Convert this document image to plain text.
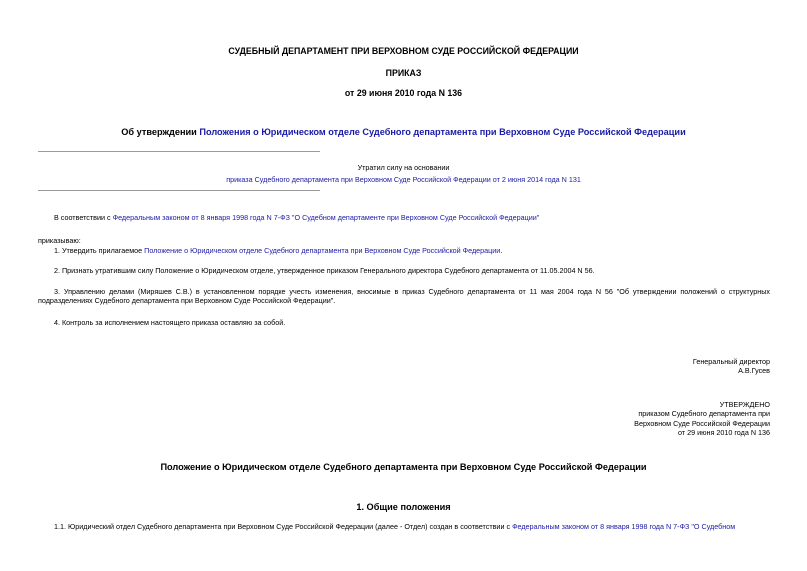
СУДЕБНЫЙ ДЕПАРТАМЕНТ ПРИ ВЕРХОВНОМ СУДЕ РОССИЙСКОЙ ФЕДЕРАЦИИ
ПРИКАЗ
от 29 июня 2010 года N 136
Об утверждении Положения о Юридическом отделе Судебного департамента при Верховном Суде Российской Федерации
Утратил силу на основании
приказа Судебного департамента при Верховном Суде Российской Федерации от 2 июня 2014 года N 131
В соответствии с Федеральным законом от 8 января 1998 года N 7-ФЗ "О Судебном департаменте при Верховном Суде Российской Федерации"
приказываю:
1. Утвердить прилагаемое Положение о Юридическом отделе Судебного департамента при Верховном Суде Российской Федерации.
2. Признать утратившим силу Положение о Юридическом отделе, утвержденное приказом Генерального директора Судебного департамента от 11.05.2004 N 56.
3. Управлению делами (Миряшев С.В.) в установленном порядке учесть изменения, вносимые в приказ Судебного департамента от 11 мая 2004 года N 56 "Об утверждении положений о структурных подразделениях Судебного департамента при Верховном Суде Российской Федерации".
4. Контроль за исполнением настоящего приказа оставляю за собой.
Генеральный директор
А.В.Гусев
УТВЕРЖДЕНО
приказом Судебного департамента при
Верховном Суде Российской Федерации
от 29 июня 2010 года N 136
Положение о Юридическом отделе Судебного департамента при Верховном Суде Российской Федерации
1. Общие положения
1.1. Юридический отдел Судебного департамента при Верховном Суде Российской Федерации (далее - Отдел) создан в соответствии с Федеральным законом от 8 января 1998 года N 7-ФЗ "О Судебном
